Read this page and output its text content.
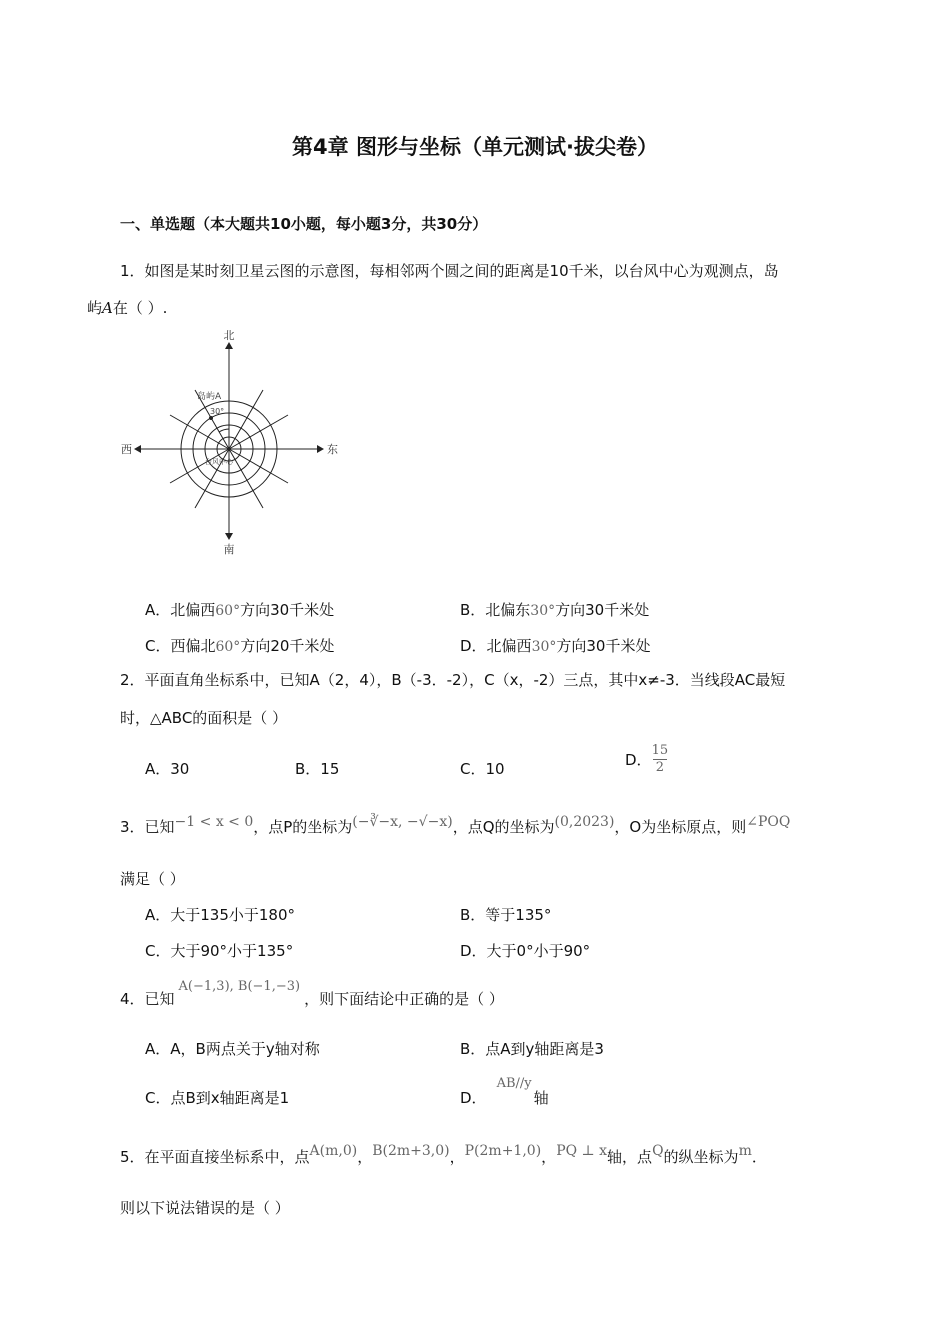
第4章 图形与坐标（单元测试·拔尖卷）
一、单选题（本大题共10小题，每小题3分，共30分）
1．如图是某时刻卫星云图的示意图，每相邻两个圆之间的距离是10千米，以台风中心为观测点，岛
屿A在（ ）.
北
南
西	东
岛屿A
30°
台风中心
A．北偏西60°方向30千米处	B．北偏东30°方向30千米处
C．西偏北60°方向20千米处	D．北偏西30°方向30千米处
2．平面直角坐标系中，已知A（2，4），B（-3．-2），C（x，-2）三点，其中x≠-3．当线段AC最短
时，△ABC的面积是（ ）
A．30	B．15	C．10	D． $\frac{15}{2}$
3．已知−1 < x < 0，点P的坐标为(−∛−x, −√−x)，点Q的坐标为(0,2023)，O为坐标原点，则∠POQ
满足（ ）
A．大于135小于180°	B．等于135°
C．大于90°小于135°	D．大于0°小于90°
4．已知A(−1,3), B(−1,−3)，则下面结论中正确的是（ ）
A．A，B两点关于y轴对称	B．点A到y轴距离是3
C．点B到x轴距离是1	D．AB//y轴
5．在平面直接坐标系中，点A(m,0)，B(2m+3,0)，P(2m+1,0)，PQ ⊥ x轴，点Q的纵坐标为m．
则以下说法错误的是（ ）
